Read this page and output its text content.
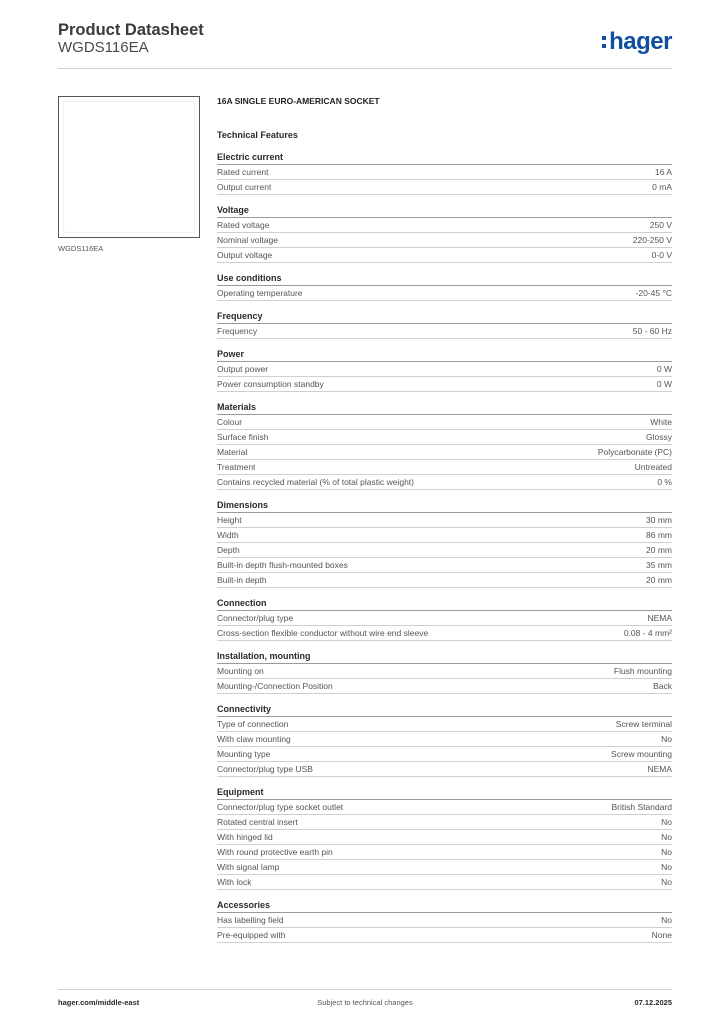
Product Datasheet
WGDS116EA	hager
WGDS116EA
16A SINGLE EURO-AMERICAN SOCKET
Technical Features
Electric current
Rated current	16 A
Output current	0 mA
Voltage
Rated voltage	250 V
Nominal voltage	220-250 V
Output voltage	0-0 V
Use conditions
Operating temperature	-20-45 °C
Frequency
Frequency	50 - 60 Hz
Power
Output power	0 W
Power consumption standby	0 W
Materials
Colour	White
Surface finish	Glossy
Material	Polycarbonate (PC)
Treatment	Untreated
Contains recycled material (% of total plastic weight)	0 %
Dimensions
Height	30 mm
Width	86 mm
Depth	20 mm
Built-in depth flush-mounted boxes	35 mm
Built-in depth	20 mm
Connection
Connector/plug type	NEMA
Cross-section flexible conductor without wire end sleeve	0.08 - 4 mm²
Installation, mounting
Mounting on	Flush mounting
Mounting-/Connection Position	Back
Connectivity
Type of connection	Screw terminal
With claw mounting	No
Mounting type	Screw mounting
Connector/plug type USB	NEMA
Equipment
Connector/plug type socket outlet	British Standard
Rotated central insert	No
With hinged lid	No
With round protective earth pin	No
With signal lamp	No
With lock	No
Accessories
Has labelling field	No
Pre-equipped with	None
hager.com/middle-east	Subject to technical changes	07.12.2025
